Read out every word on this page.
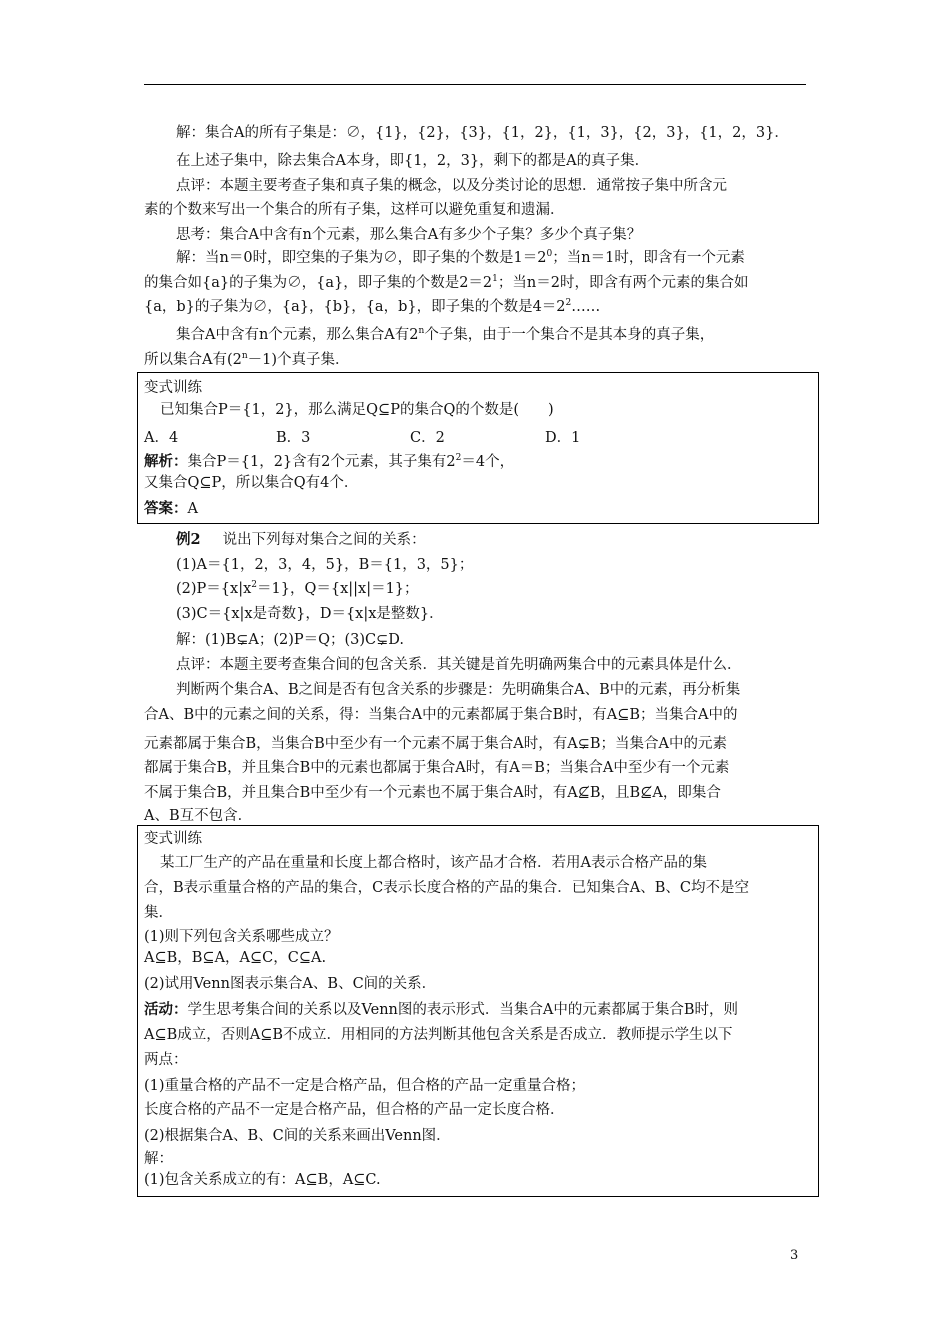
解：集合A的所有子集是：∅，{1}，{2}，{3}，{1，2}，{1，3}，{2，3}，{1，2，3}．
在上述子集中，除去集合A本身，即{1，2，3}，剩下的都是A的真子集．
点评：本题主要考查子集和真子集的概念，以及分类讨论的思想．通常按子集中所含元
素的个数来写出一个集合的所有子集，这样可以避免重复和遗漏．
思考：集合A中含有n个元素，那么集合A有多少个子集？多少个真子集？
解：当n＝0时，即空集的子集为∅，即子集的个数是$1=2^0$；当n＝1时，即含有一个元素
的集合如{a}的子集为∅，{a}，即子集的个数是$2=2^1$；当n＝2时，即含有两个元素的集合如
{a，b}的子集为∅，{a}，{b}，{a，b}，即子集的个数是$4=2^2\dots\dots$
集合A中含有n个元素，那么集合A有2$^n$个子集，由于一个集合不是其本身的真子集，
所以集合A有$(2^n-1)$个真子集．
变式训练
已知集合P＝{1，2}，那么满足Q⊆P的集合Q的个数是(　　)
A．4	B．3	C．2	D．1
解析：集合P＝{1，2}含有2个元素，其子集有$2^2=4$个，
又集合Q⊆P，所以集合Q有4个．
答案：A
例2 说出下列每对集合之间的关系：
(1)A＝{1，2，3，4，5}，B＝{1，3，5}；
$(2)P=\{x|x^2=1\}$，Q＝{x||x|＝1}；
(3)C＝{x|x是奇数}，D＝{x|x是整数}．
解：(1)B⊊A；(2)P＝Q；(3)C⊊D.
点评：本题主要考查集合间的包含关系．其关键是首先明确两集合中的元素具体是什么．
判断两个集合A、B之间是否有包含关系的步骤是：先明确集合A、B中的元素，再分析集
合A、B中的元素之间的关系，得：当集合A中的元素都属于集合B时，有A⊆B；当集合A中的
元素都属于集合B，当集合B中至少有一个元素不属于集合A时，有A⊊B；当集合A中的元素
都属于集合B，并且集合B中的元素也都属于集合A时，有A＝B；当集合A中至少有一个元素
不属于集合B，并且集合B中至少有一个元素也不属于集合A时，有A⊈B，且B⊈A，即集合
A、B互不包含．
变式训练
某工厂生产的产品在重量和长度上都合格时，该产品才合格．若用A表示合格产品的集
合，B表示重量合格的产品的集合，C表示长度合格的产品的集合．已知集合A、B、C均不是空
集．
(1)则下列包含关系哪些成立？
A⊆B，B⊆A，A⊆C，C⊆A.
(2)试用Venn图表示集合A、B、C间的关系．
活动：学生思考集合间的关系以及Venn图的表示形式．当集合A中的元素都属于集合B时，则
A⊆B成立，否则A⊆B不成立．用相同的方法判断其他包含关系是否成立．教师提示学生以下
两点：
(1)重量合格的产品不一定是合格产品，但合格的产品一定重量合格；
长度合格的产品不一定是合格产品，但合格的产品一定长度合格．
(2)根据集合A、B、C间的关系来画出Venn图．
解：
(1)包含关系成立的有：A⊆B，A⊆C.
3
